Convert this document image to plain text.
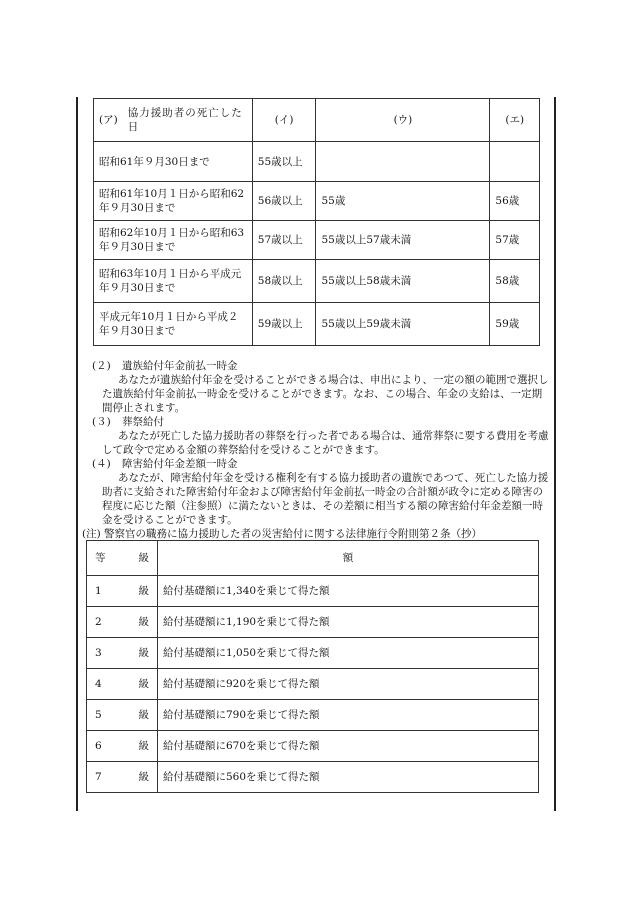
(ア)
協力援助者の死亡した日	(イ)	(ウ)	(エ)
昭和61年９月30日まで	55歳以上		
昭和61年10月１日から昭和62年９月30日まで	56歳以上	55歳	56歳
昭和62年10月１日から昭和63年９月30日まで	57歳以上	55歳以上57歳未満	57歳
昭和63年10月１日から平成元年９月30日まで	58歳以上	55歳以上58歳未満	58歳
平成元年10月１日から平成２年９月30日まで	59歳以上	55歳以上59歳未満	59歳
(２) 遺族給付年金前払一時金

あなたが遺族給付年金を受けることができる場合は、申出により、一定の額の範囲で選択した遺族給付年金前払一時金を受けることができます。なお、この場合、年金の支給は、一定期間停止されます。

(３) 葬祭給付

あなたが死亡した協力援助者の葬祭を行った者である場合は、通常葬祭に要する費用を考慮して政令で定める金額の葬祭給付を受けることができます。

(４) 障害給付年金差額一時金

あなたが、障害給付年金を受ける権利を有する協力援助者の遺族であつて、死亡した協力援助者に支給された障害給付年金および障害給付年金前払一時金の合計額が政令に定める障害の程度に応じた額（注参照）に満たないときは、その差額に相当する額の障害給付年金差額一時金を受けることができます。

(注) 警察官の職務に協力援助した者の災害給付に関する法律施行令附則第２条（抄）

等 級	額

1 級	給付基礎額に1,340を乗じて得た額

2 級	給付基礎額に1,190を乗じて得た額

3 級	給付基礎額に1,050を乗じて得た額

4 級	給付基礎額に920を乗じて得た額

5 級	給付基礎額に790を乗じて得た額

6 級	給付基礎額に670を乗じて得た額

7 級	給付基礎額に560を乗じて得た額
